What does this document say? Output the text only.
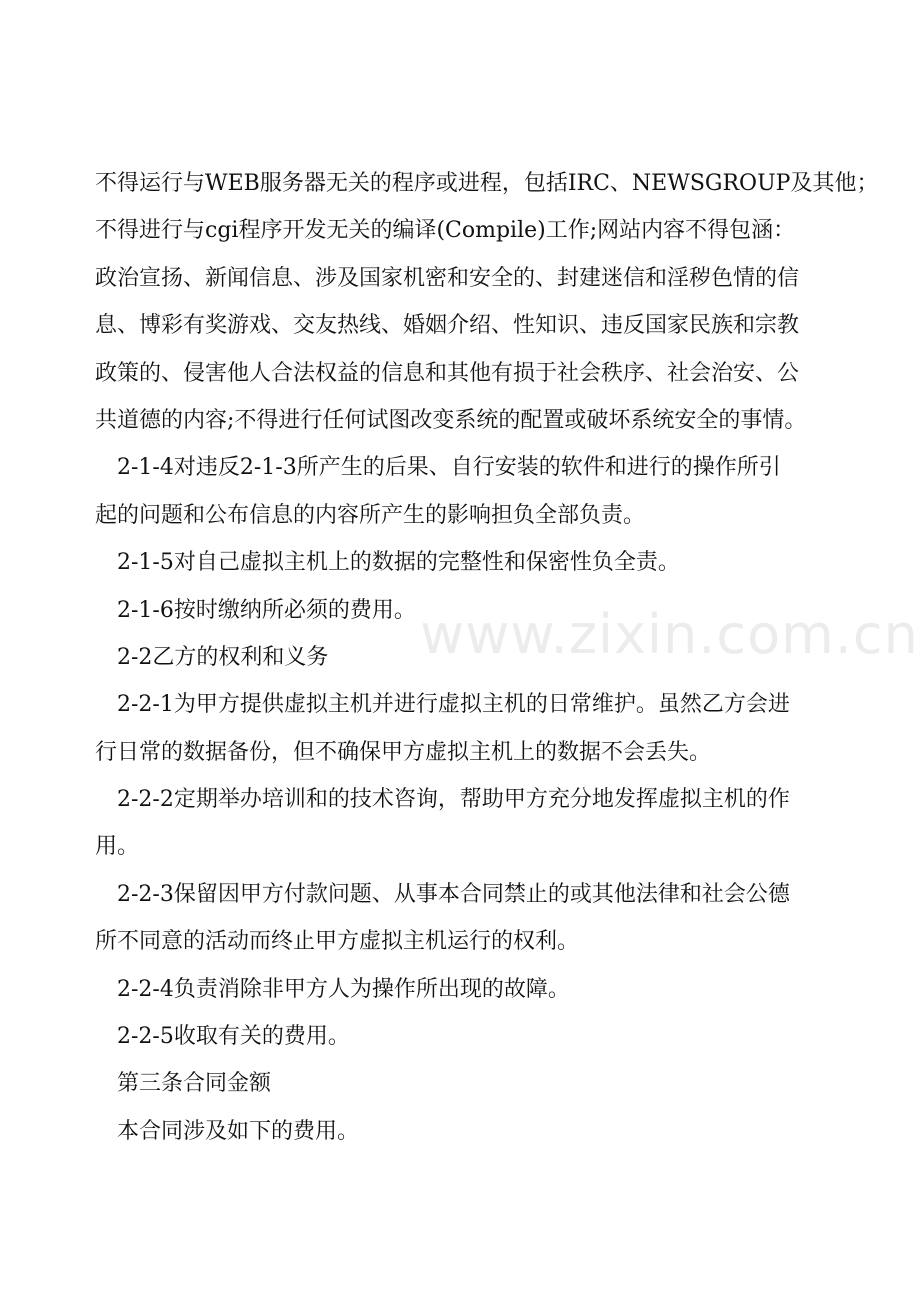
www.zixin.com.cn
不得运行与WEB服务器无关的程序或进程，包括IRC、NEWSGROUP及其他；
不得进行与cgi程序开发无关的编译(Compile)工作;网站内容不得包涵：
政治宣扬、新闻信息、涉及国家机密和安全的、封建迷信和淫秽色情的信
息、博彩有奖游戏、交友热线、婚姻介绍、性知识、违反国家民族和宗教
政策的、侵害他人合法权益的信息和其他有损于社会秩序、社会治安、公
共道德的内容;不得进行任何试图改变系统的配置或破坏系统安全的事情。
2-1-4对违反2-1-3所产生的后果、自行安装的软件和进行的操作所引
起的问题和公布信息的内容所产生的影响担负全部负责。
2-1-5对自己虚拟主机上的数据的完整性和保密性负全责。
2-1-6按时缴纳所必须的费用。
2-2乙方的权利和义务
2-2-1为甲方提供虚拟主机并进行虚拟主机的日常维护。虽然乙方会进
行日常的数据备份，但不确保甲方虚拟主机上的数据不会丢失。
2-2-2定期举办培训和的技术咨询，帮助甲方充分地发挥虚拟主机的作
用。
2-2-3保留因甲方付款问题、从事本合同禁止的或其他法律和社会公德
所不同意的活动而终止甲方虚拟主机运行的权利。
2-2-4负责消除非甲方人为操作所出现的故障。
2-2-5收取有关的费用。
第三条合同金额
本合同涉及如下的费用。
